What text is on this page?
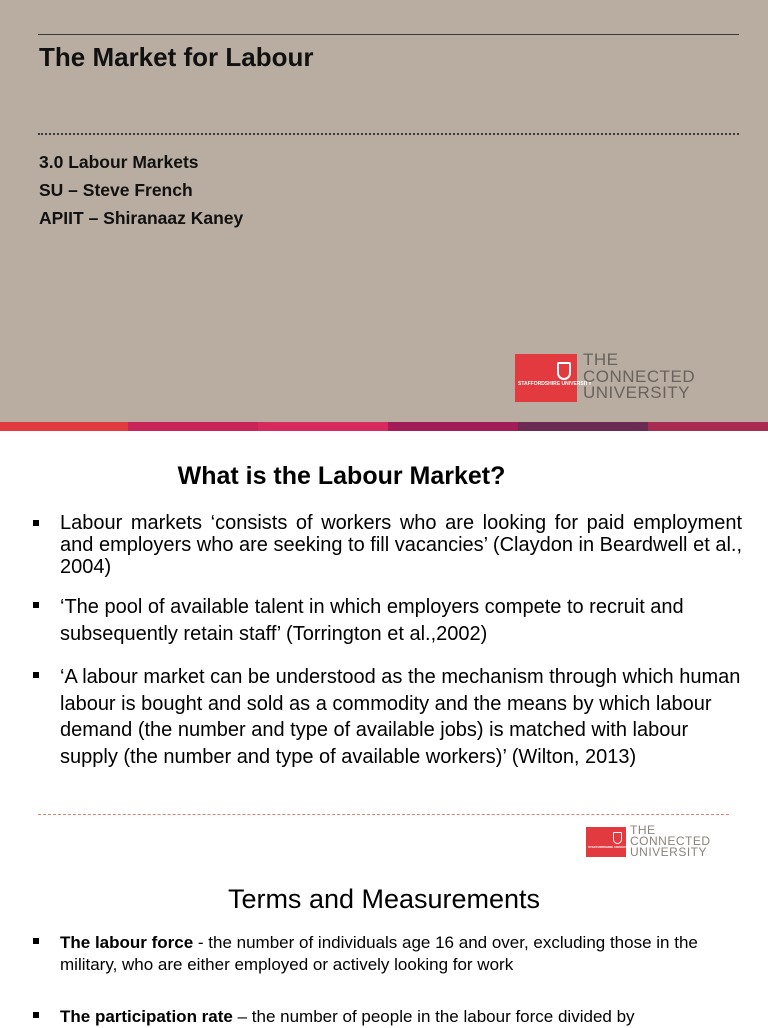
The Market for Labour
3.0 Labour Markets
SU – Steve French
APIIT – Shiranaaz Kaney
STAFFORDSHIRE UNIVERSITY
THE
CONNECTED
UNIVERSITY
What is the Labour Market?
Labour markets ‘consists of workers who are looking for paid employment and employers who are seeking to fill vacancies’ (Claydon in Beardwell et al., 2004)
‘The pool of available talent in which employers compete to recruit and subsequently retain staff’ (Torrington et al.,2002)
‘A labour market can be understood as the mechanism through which human labour is bought and sold as a commodity and the means by which labour demand (the number and type of available jobs) is matched with labour supply (the number and type of available workers)’ (Wilton, 2013)
STAFFORDSHIRE UNIVERSITY
THE
CONNECTED
UNIVERSITY
Terms and Measurements
The labour force - the number of individuals age 16 and over, excluding those in the military, who are either employed or actively looking for work
The participation rate – the number of people in the labour force divided by
